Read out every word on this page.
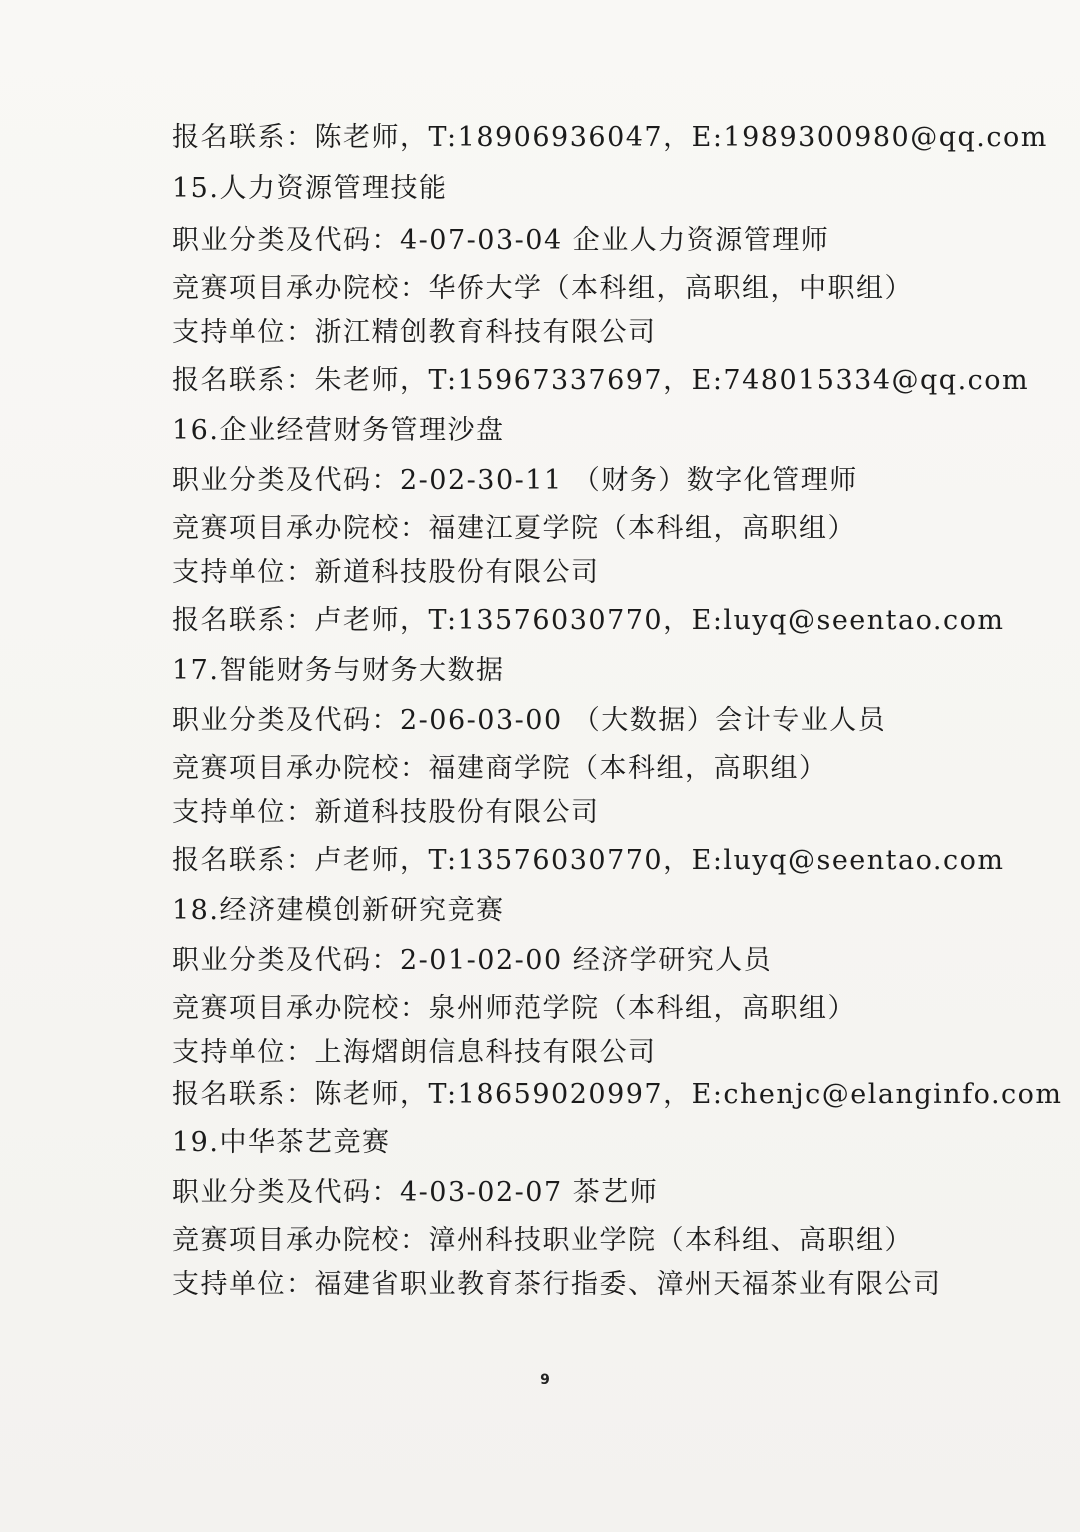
报名联系：陈老师，T:18906936047，E:1989300980@qq.com
15.人力资源管理技能
职业分类及代码：4-07-03-04 企业人力资源管理师
竞赛项目承办院校：华侨大学（本科组，高职组，中职组）
支持单位：浙江精创教育科技有限公司
报名联系：朱老师，T:15967337697，E:748015334@qq.com
16.企业经营财务管理沙盘
职业分类及代码：2-02-30-11 （财务）数字化管理师
竞赛项目承办院校：福建江夏学院（本科组，高职组）
支持单位：新道科技股份有限公司
报名联系：卢老师，T:13576030770，E:luyq@seentao.com
17.智能财务与财务大数据
职业分类及代码：2-06-03-00 （大数据）会计专业人员
竞赛项目承办院校：福建商学院（本科组，高职组）
支持单位：新道科技股份有限公司
报名联系：卢老师，T:13576030770，E:luyq@seentao.com
18.经济建模创新研究竞赛
职业分类及代码：2-01-02-00 经济学研究人员
竞赛项目承办院校：泉州师范学院（本科组，高职组）
支持单位：上海熠朗信息科技有限公司
报名联系：陈老师，T:18659020997，E:chenjc@elanginfo.com
19.中华茶艺竞赛
职业分类及代码：4-03-02-07 茶艺师
竞赛项目承办院校：漳州科技职业学院（本科组、高职组）
支持单位：福建省职业教育茶行指委、漳州天福茶业有限公司
9
